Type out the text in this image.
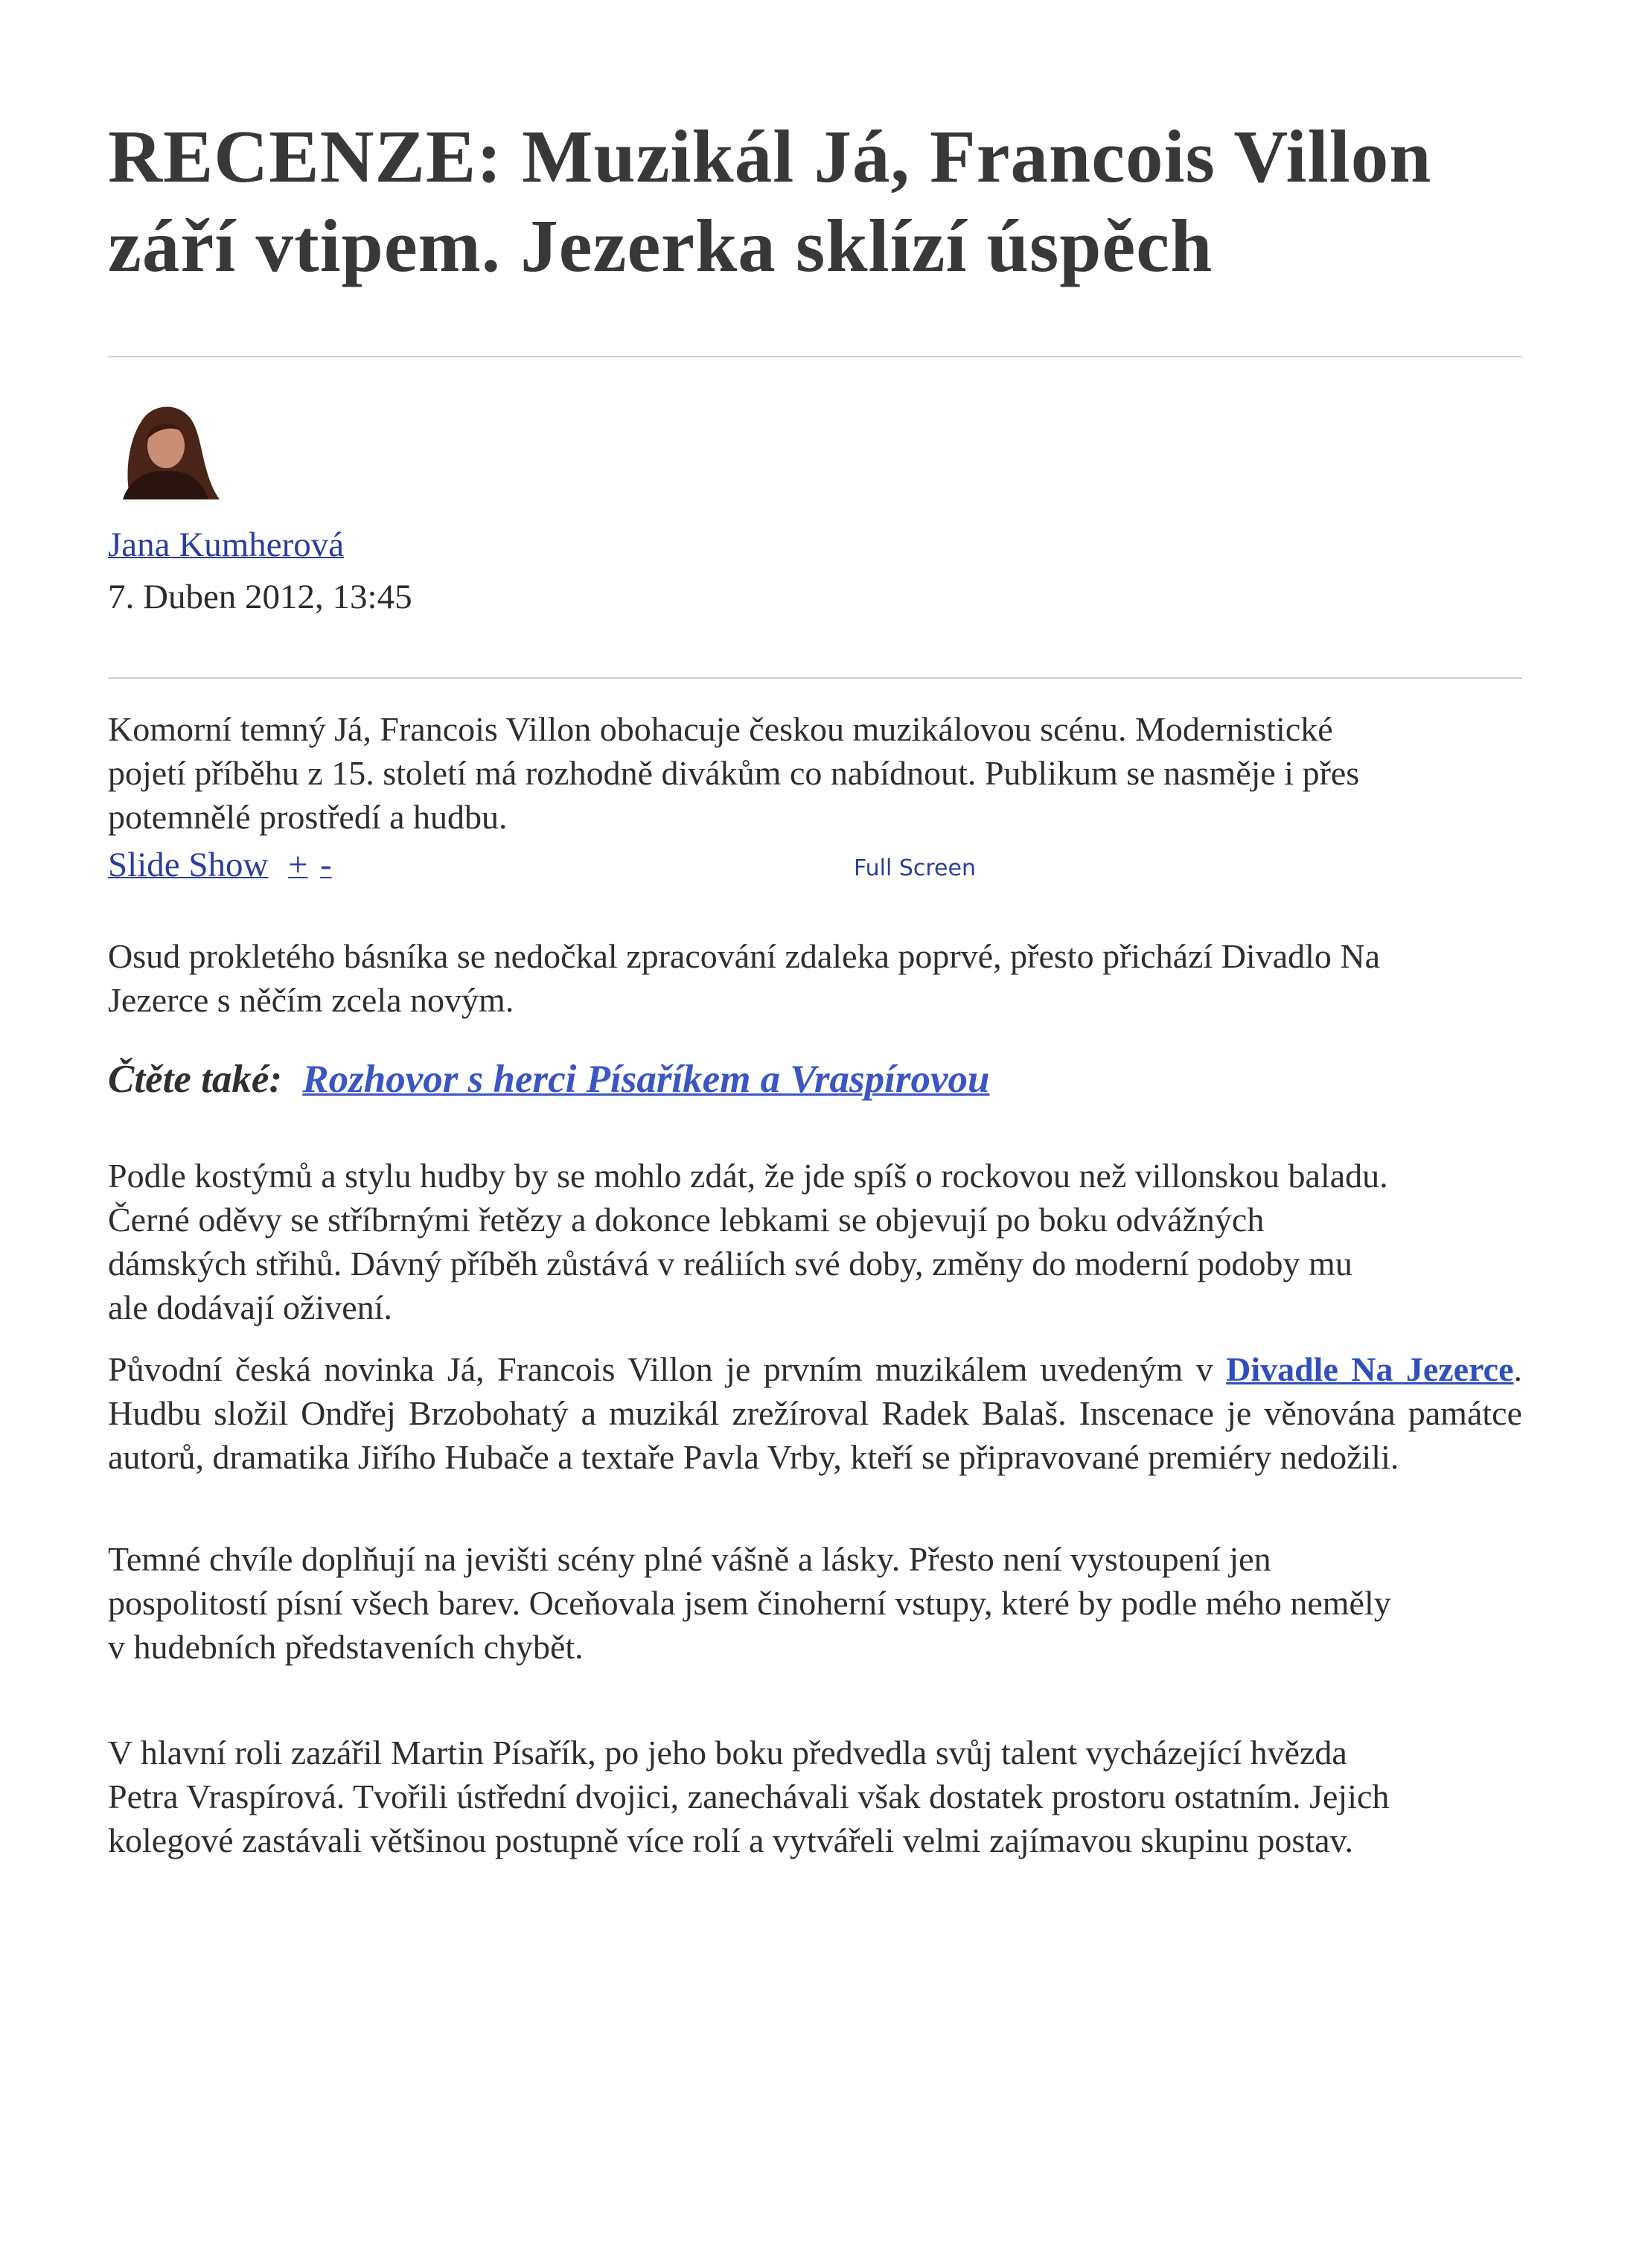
RECENZE: Muzikál Já, Francois Villon
září vtipem. Jezerka sklízí úspěch
Jana Kumherová
7. Duben 2012, 13:45

Komorní temný Já, Francois Villon obohacuje českou muzikálovou scénu. Modernistické
pojetí příběhu z 15. století má rozhodně divákům co nabídnout. Publikum se nasměje i přes
potemnělé prostředí a hudbu.

Slide Show + -	Full Screen

Osud prokletého básníka se nedočkal zpracování zdaleka poprvé, přesto přichází Divadlo Na
Jezerce s něčím zcela novým.

Čtěte také: Rozhovor s herci Písaříkem a Vraspírovou

Podle kostýmů a stylu hudby by se mohlo zdát, že jde spíš o rockovou než villonskou baladu.
Černé oděvy se stříbrnými řetězy a dokonce lebkami se objevují po boku odvážných
dámských střihů. Dávný příběh zůstává v reáliích své doby, změny do moderní podoby mu
ale dodávají oživení.

Původní česká novinka Já, Francois Villon je prvním muzikálem uvedeným v Divadle Na Jezerce. Hudbu složil Ondřej Brzobohatý a muzikál zrežíroval Radek Balaš. Inscenace je věnována památce autorů, dramatika Jiřího Hubače a textaře Pavla Vrby, kteří se připravované premiéry nedožili.

Temné chvíle doplňují na jevišti scény plné vášně a lásky. Přesto není vystoupení jen
pospolitostí písní všech barev. Oceňovala jsem činoherní vstupy, které by podle mého neměly
v hudebních představeních chybět.

V hlavní roli zazářil Martin Písařík, po jeho boku předvedla svůj talent vycházející hvězda
Petra Vraspírová. Tvořili ústřední dvojici, zanechávali však dostatek prostoru ostatním. Jejich
kolegové zastávali většinou postupně více rolí a vytvářeli velmi zajímavou skupinu postav.
